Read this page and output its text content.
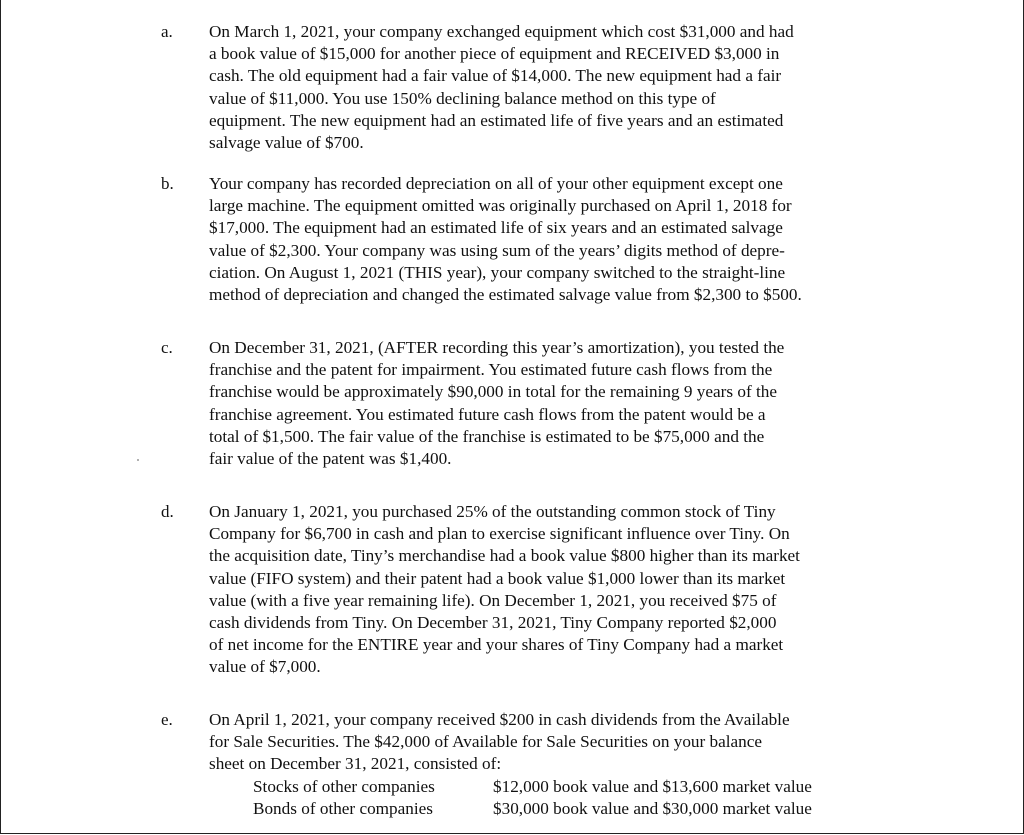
a. On March 1, 2021, your company exchanged equipment which cost $31,000 and had
a book value of $15,000 for another piece of equipment and RECEIVED $3,000 in
cash. The old equipment had a fair value of $14,000. The new equipment had a fair
value of $11,000. You use 150% declining balance method on this type of
equipment. The new equipment had an estimated life of five years and an estimated
salvage value of $700.
b. Your company has recorded depreciation on all of your other equipment except one
large machine. The equipment omitted was originally purchased on April 1, 2018 for
$17,000. The equipment had an estimated life of six years and an estimated salvage
value of $2,300. Your company was using sum of the years’ digits method of depre-
ciation. On August 1, 2021 (THIS year), your company switched to the straight-line
method of depreciation and changed the estimated salvage value from $2,300 to $500.
c. On December 31, 2021, (AFTER recording this year’s amortization), you tested the
franchise and the patent for impairment. You estimated future cash flows from the
franchise would be approximately $90,000 in total for the remaining 9 years of the
franchise agreement. You estimated future cash flows from the patent would be a
total of $1,500. The fair value of the franchise is estimated to be $75,000 and the
fair value of the patent was $1,400.
d. On January 1, 2021, you purchased 25% of the outstanding common stock of Tiny
Company for $6,700 in cash and plan to exercise significant influence over Tiny. On
the acquisition date, Tiny’s merchandise had a book value $800 higher than its market
value (FIFO system) and their patent had a book value $1,000 lower than its market
value (with a five year remaining life). On December 1, 2021, you received $75 of
cash dividends from Tiny. On December 31, 2021, Tiny Company reported $2,000
of net income for the ENTIRE year and your shares of Tiny Company had a market
value of $7,000.
e. On April 1, 2021, your company received $200 in cash dividends from the Available
for Sale Securities. The $42,000 of Available for Sale Securities on your balance
sheet on December 31, 2021, consisted of:
Stocks of other companies	$12,000 book value and $13,600 market value
Bonds of other companies	$30,000 book value and $30,000 market value
